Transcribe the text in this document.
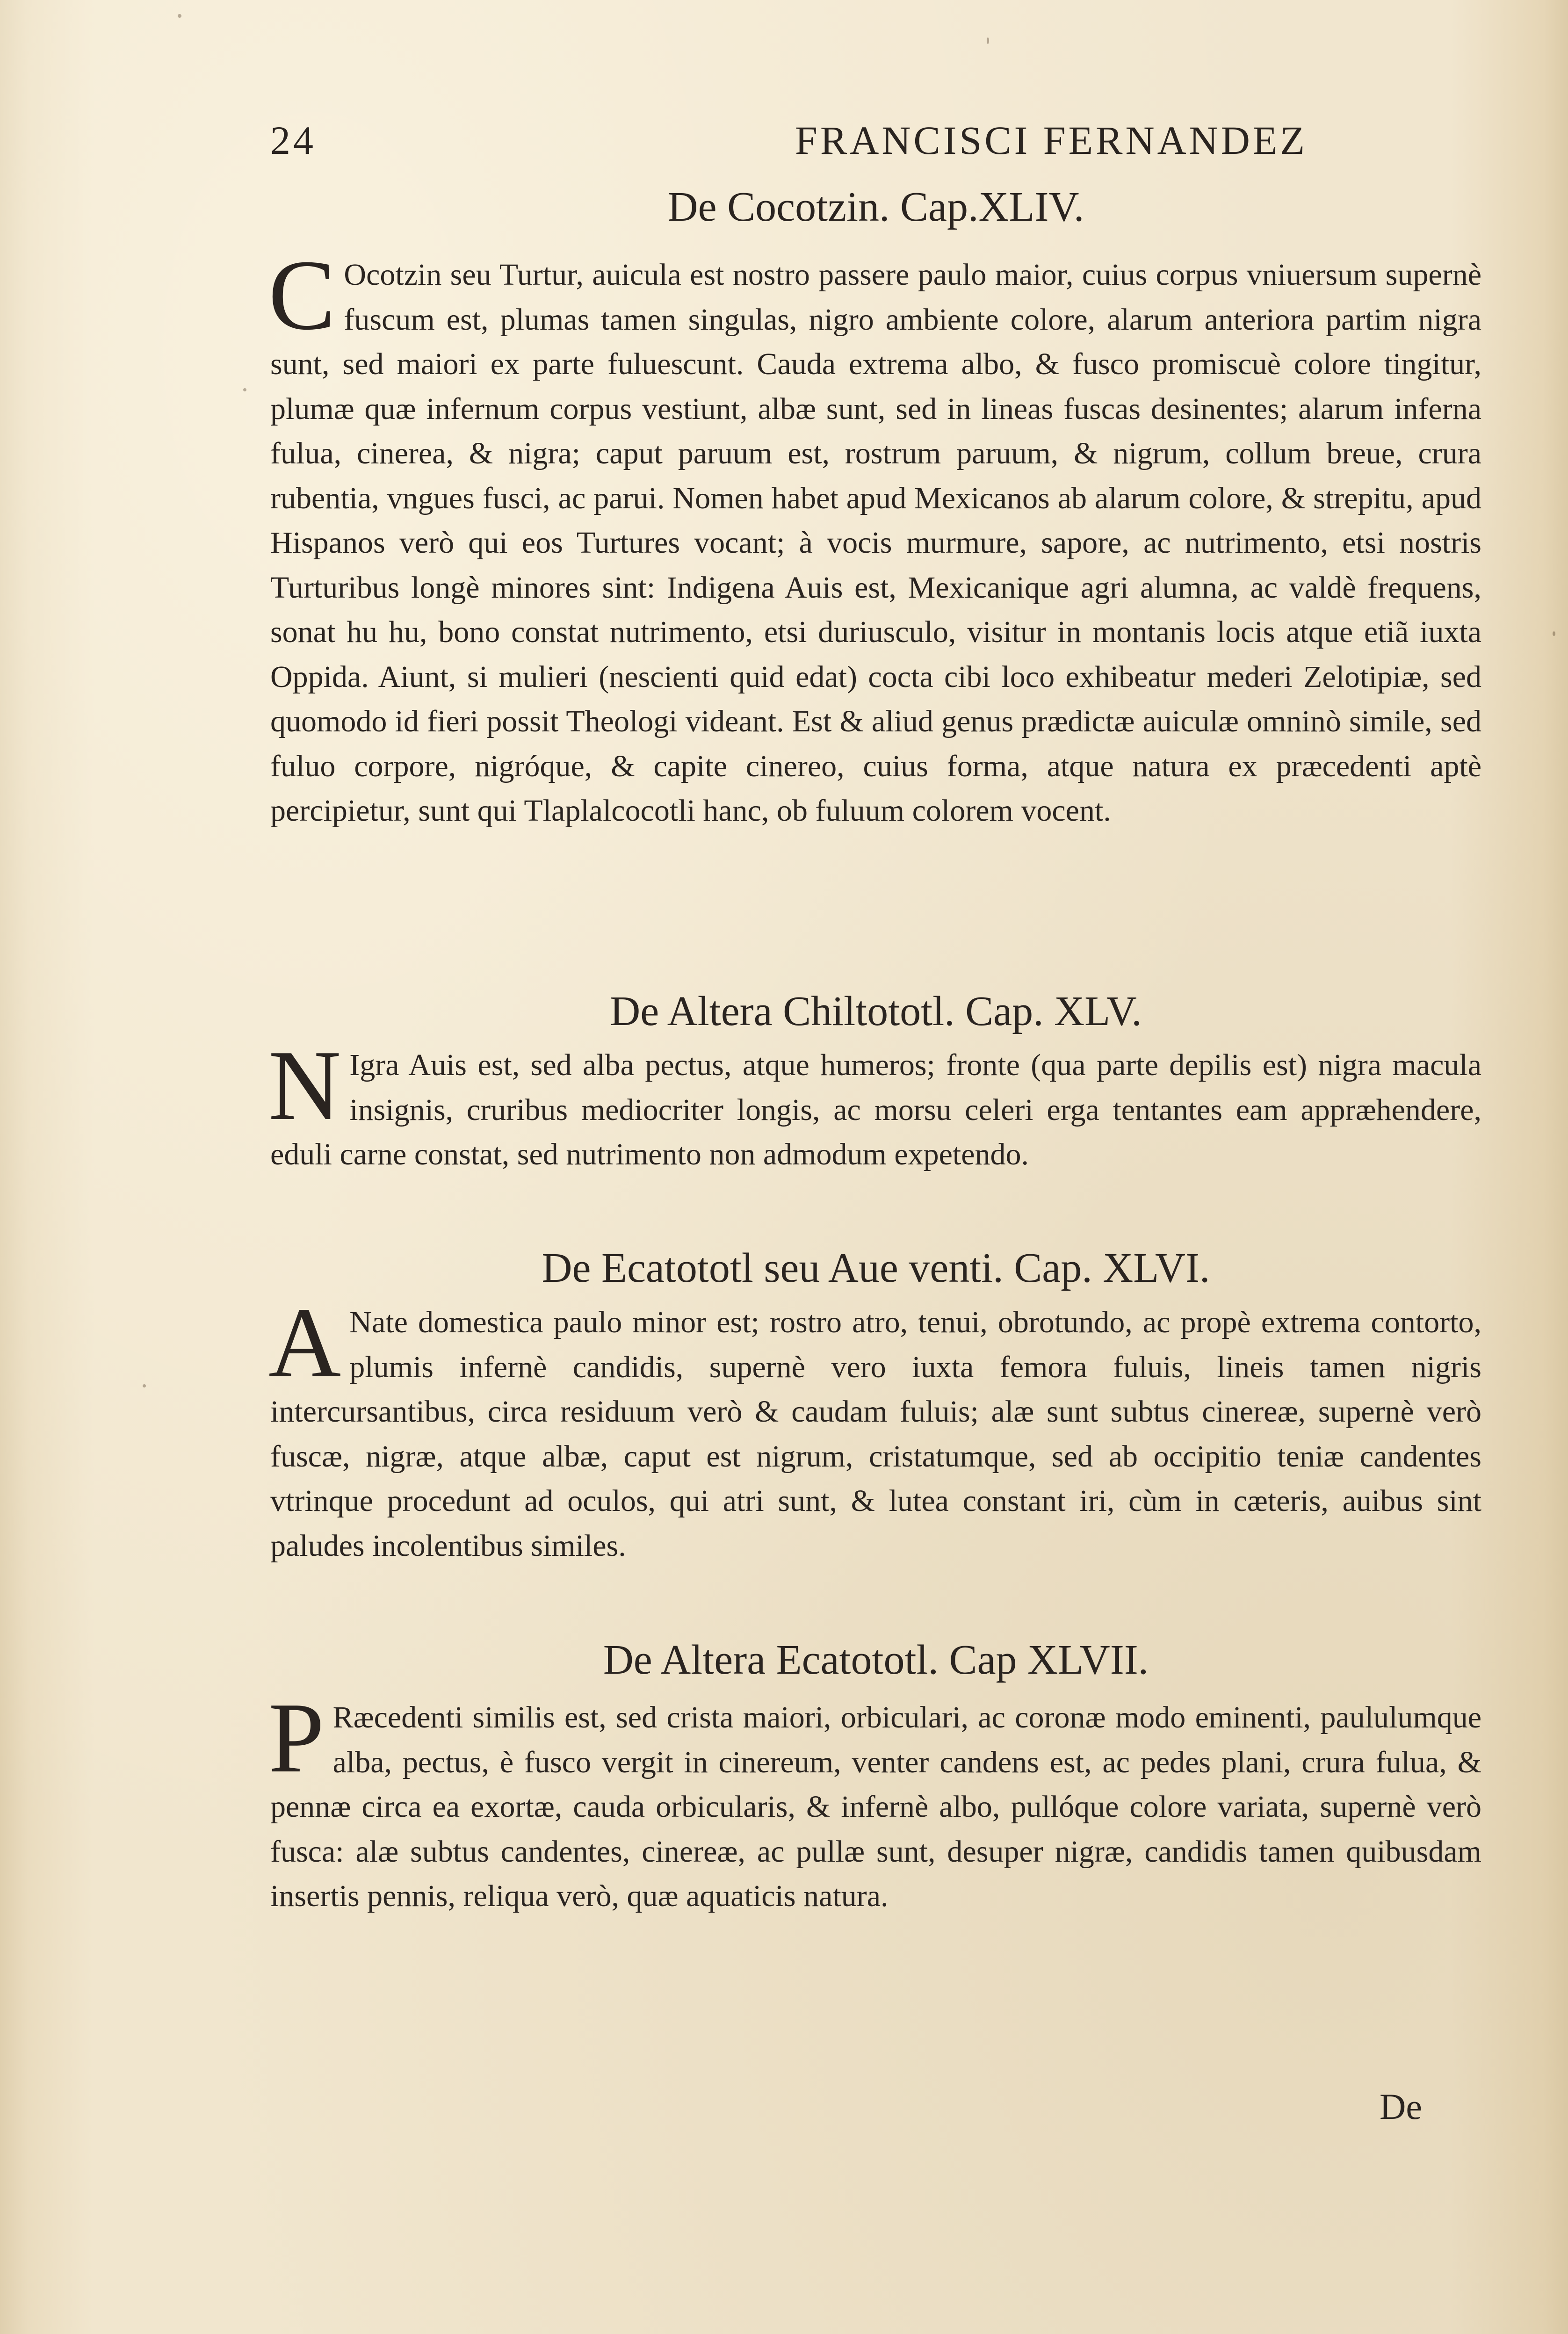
24	FRANCISCI FERNANDEZ
De Cocotzin. Cap.XLIV.
C Ocotzin seu Turtur, auicula est nostro passere paulo maior, cuius corpus vniuersum supernè fuscum est, plumas tamen singulas, nigro ambiente colore, alarum anteriora partim nigra sunt, sed maiori ex parte fuluescunt. Cauda extrema albo, & fusco promiscuè colore tingitur, plumæ quæ infernum corpus vestiunt, albæ sunt, sed in lineas fuscas desinentes; alarum inferna fulua, cinerea, & nigra; caput paruum est, rostrum paruum, & nigrum, collum breue, crura rubentia, vngues fusci, ac parui. Nomen habet apud Mexicanos ab alarum colore, & strepitu, apud Hispanos verò qui eos Turtures vocant; à vocis murmure, sapore, ac nutrimento, etsi nostris Turturibus longè minores sint: Indigena Auis est, Mexicanique agri alumna, ac valdè frequens, sonat hu hu, bono constat nutrimento, etsi duriusculo, visitur in montanis locis atque etiã iuxta Oppida. Aiunt, si mulieri (nescienti quid edat) cocta cibi loco exhibeatur mederi Zelotipiæ, sed quomodo id fieri possit Theologi videant. Est & aliud genus prædictæ auiculæ omninò simile, sed fuluo corpore, nigróque, & capite cinereo, cuius forma, atque natura ex præcedenti aptè percipietur, sunt qui Tlaplalcocotli hanc, ob fuluum colorem vocent.
De Altera Chiltototl. Cap. XLV.
N Igra Auis est, sed alba pectus, atque humeros; fronte (qua parte depilis est) nigra macula insignis, cruribus mediocriter longis, ac morsu celeri erga tentantes eam appræhendere, eduli carne constat, sed nutrimento non admodum expetendo.
De Ecatototl seu Aue venti. Cap. XLVI.
A Nate domestica paulo minor est; rostro atro, tenui, obrotundo, ac propè extrema contorto, plumis infernè candidis, supernè vero iuxta femora fuluis, lineis tamen nigris intercursantibus, circa residuum verò & caudam fuluis; alæ sunt subtus cinereæ, supernè verò fuscæ, nigræ, atque albæ, caput est nigrum, cristatumque, sed ab occipitio teniæ candentes vtrinque procedunt ad oculos, qui atri sunt, & lutea constant iri, cùm in cæteris, auibus sint paludes incolentibus similes.
De Altera Ecatototl. Cap XLVII.
P Ræcedenti similis est, sed crista maiori, orbiculari, ac coronæ modo eminenti, paululumque alba, pectus, è fusco vergit in cinereum, venter candens est, ac pedes plani, crura fulua, & pennæ circa ea exortæ, cauda orbicularis, & infernè albo, pullóque colore variata, supernè verò fusca: alæ subtus candentes, cinereæ, ac pullæ sunt, desuper nigræ, candidis tamen quibusdam insertis pennis, reliqua verò, quæ aquaticis natura.
De
